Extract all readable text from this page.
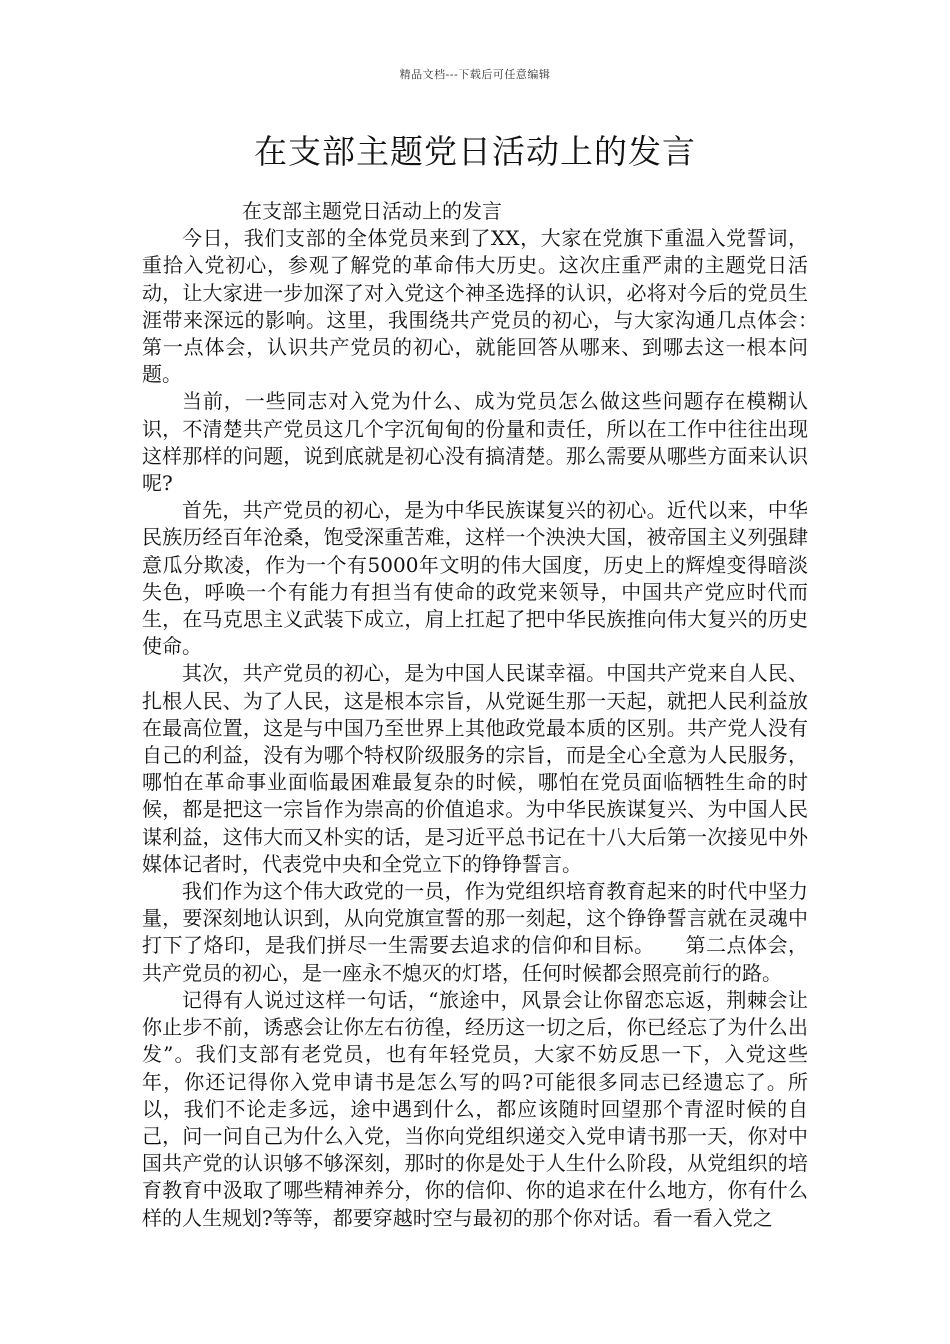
精品文档---下载后可任意编辑
在支部主题党日活动上的发言

在支部主题党日活动上的发言

今日，我们支部的全体党员来到了XX，大家在党旗下重温入党誓词，重拾入党初心，参观了解党的革命伟大历史。这次庄重严肃的主题党日活动，让大家进一步加深了对入党这个神圣选择的认识，必将对今后的党员生涯带来深远的影响。这里，我围绕共产党员的初心，与大家沟通几点体会：　　第一点体会，认识共产党员的初心，就能回答从哪来、到哪去这一根本问题。

当前，一些同志对入党为什么、成为党员怎么做这些问题存在模糊认识，不清楚共产党员这几个字沉甸甸的份量和责任，所以在工作中往往出现这样那样的问题，说到底就是初心没有搞清楚。那么需要从哪些方面来认识呢?

首先，共产党员的初心，是为中华民族谋复兴的初心。近代以来，中华民族历经百年沧桑，饱受深重苦难，这样一个泱泱大国，被帝国主义列强肆意瓜分欺凌，作为一个有5000年文明的伟大国度，历史上的辉煌变得暗淡失色，呼唤一个有能力有担当有使命的政党来领导，中国共产党应时代而生，在马克思主义武装下成立，肩上扛起了把中华民族推向伟大复兴的历史使命。

其次，共产党员的初心，是为中国人民谋幸福。中国共产党来自人民、扎根人民、为了人民，这是根本宗旨，从党诞生那一天起，就把人民利益放在最高位置，这是与中国乃至世界上其他政党最本质的区别。共产党人没有自己的利益，没有为哪个特权阶级服务的宗旨，而是全心全意为人民服务，哪怕在革命事业面临最困难最复杂的时候，哪怕在党员面临牺牲生命的时候，都是把这一宗旨作为崇高的价值追求。为中华民族谋复兴、为中国人民谋利益，这伟大而又朴实的话，是习近平总书记在十八大后第一次接见中外媒体记者时，代表党中央和全党立下的铮铮誓言。

我们作为这个伟大政党的一员，作为党组织培育教育起来的时代中坚力量，要深刻地认识到，从向党旗宣誓的那一刻起，这个铮铮誓言就在灵魂中打下了烙印，是我们拼尽一生需要去追求的信仰和目标。　　第二点体会，共产党员的初心，是一座永不熄灭的灯塔，任何时候都会照亮前行的路。

记得有人说过这样一句话，“旅途中，风景会让你留恋忘返，荆棘会让你止步不前，诱惑会让你左右彷徨，经历这一切之后，你已经忘了为什么出发”。我们支部有老党员，也有年轻党员，大家不妨反思一下，入党这些年，你还记得你入党申请书是怎么写的吗?可能很多同志已经遗忘了。所以，我们不论走多远，途中遇到什么，都应该随时回望那个青涩时候的自己，问一问自己为什么入党，当你向党组织递交入党申请书那一天，你对中国共产党的认识够不够深刻，那时的你是处于人生什么阶段，从党组织的培育教育中汲取了哪些精神养分，你的信仰、你的追求在什么地方，你有什么样的人生规划?等等，都要穿越时空与最初的那个你对话。看一看入党之
